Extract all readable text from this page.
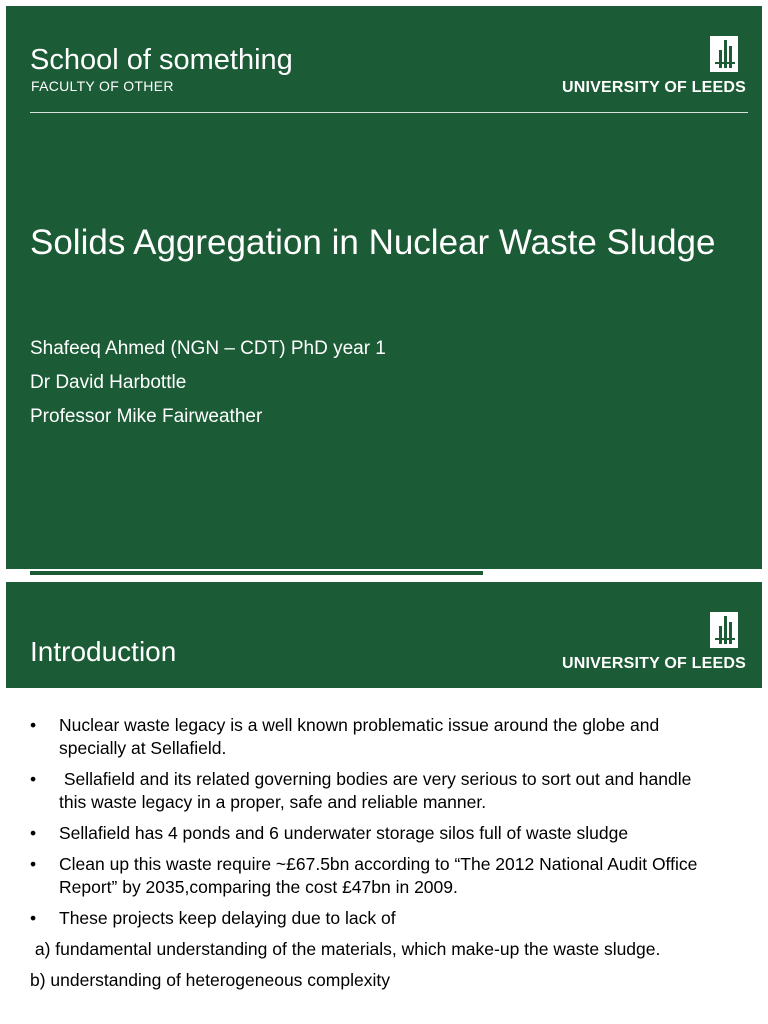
School of something
FACULTY OF OTHER	UNIVERSITY OF LEEDS
Solids Aggregation in Nuclear Waste Sludge
Shafeeq Ahmed (NGN – CDT) PhD year 1
Dr David Harbottle
Professor Mike Fairweather
Introduction	UNIVERSITY OF LEEDS
• Nuclear waste legacy is a well known problematic issue around the globe and specially at Sellafield.
• Sellafield and its related governing bodies are very serious to sort out and handle this waste legacy in a proper, safe and reliable manner.
• Sellafield has 4 ponds and 6 underwater storage silos full of waste sludge
• Clean up this waste require ~£67.5bn according to “The 2012 National Audit Office Report” by 2035,comparing the cost £47bn in 2009.
• These projects keep delaying due to lack of
a) fundamental understanding of the materials, which make-up the waste sludge.
b) understanding of heterogeneous complexity
